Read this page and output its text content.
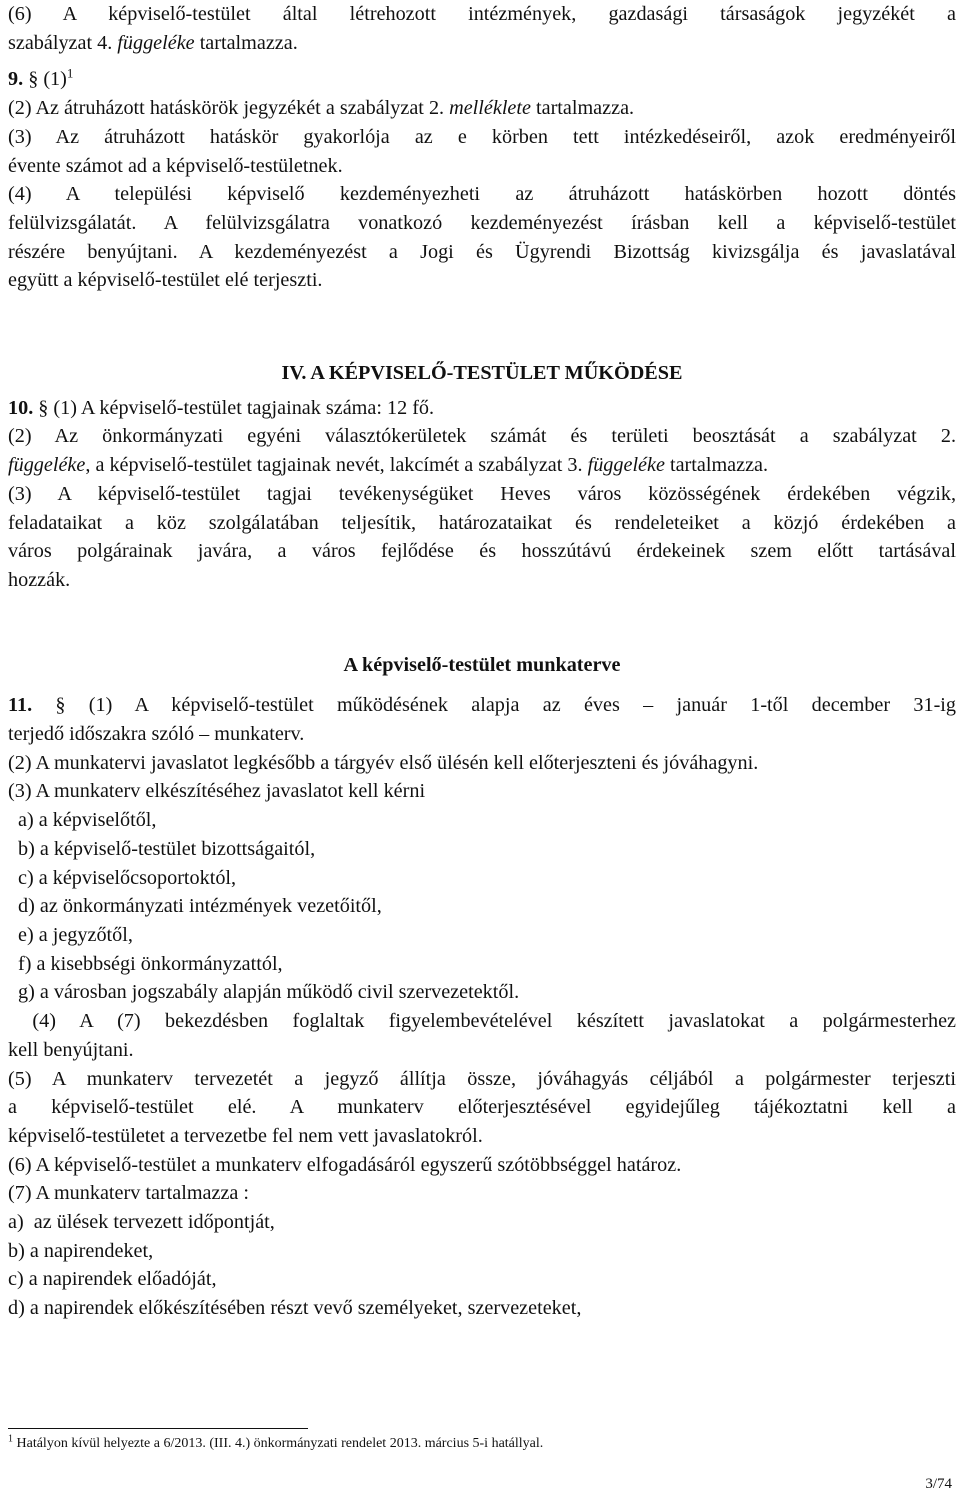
(6) A képviselő-testület által létrehozott intézmények, gazdasági társaságok jegyzékét a

szabályzat 4. függeléke tartalmazza.

9. § $(1)^1$

(2) Az átruházott hatáskörök jegyzékét a szabályzat 2. melléklete tartalmazza.

(3) Az átruházott hatáskör gyakorlója az e körben tett intézkedéseiről, azok eredményeiről

évente számot ad a képviselő-testületnek.

(4) A települési képviselő kezdeményezheti az átruházott hatáskörben hozott döntés

felülvizsgálatát. A felülvizsgálatra vonatkozó kezdeményezést írásban kell a képviselő-testület

részére benyújtani. A kezdeményezést a Jogi és Ügyrendi Bizottság kivizsgálja és javaslatával

együtt a képviselő-testület elé terjeszti.

IV. A KÉPVISELŐ-TESTÜLET MŰKÖDÉSE

10. § (1) A képviselő-testület tagjainak száma: 12 fő.

(2) Az önkormányzati egyéni választókerületek számát és területi beosztását a szabályzat 2.

függeléke, a képviselő-testület tagjainak nevét, lakcímét a szabályzat 3. függeléke tartalmazza.

(3) A képviselő-testület tagjai tevékenységüket Heves város közösségének érdekében végzik,

feladataikat a köz szolgálatában teljesítik, határozataikat és rendeleteiket a közjó érdekében a

város polgárainak javára, a város fejlődése és hosszútávú érdekeinek szem előtt tartásával

hozzák.

A képviselő-testület munkaterve

11. § (1) A képviselő-testület működésének alapja az éves – január 1-től december 31-ig

terjedő időszakra szóló – munkaterv.

(2) A munkatervi javaslatot legkésőbb a tárgyév első ülésén kell előterjeszteni és jóváhagyni.

(3) A munkaterv elkészítéséhez javaslatot kell kérni

a) a képviselőtől,

b) a képviselő-testület bizottságaitól,

c) a képviselőcsoportoktól,

d) az önkormányzati intézmények vezetőitől,

e) a jegyzőtől,

f) a kisebbségi önkormányzattól,

g) a városban jogszabály alapján működő civil szervezetektől.

(4) A (7) bekezdésben foglaltak figyelembevételével készített javaslatokat a polgármesterhez

kell benyújtani.

(5) A munkaterv tervezetét a jegyző állítja össze, jóváhagyás céljából a polgármester terjeszti

a képviselő-testület elé. A munkaterv előterjesztésével egyidejűleg tájékoztatni kell a

képviselő-testületet a tervezetbe fel nem vett javaslatokról.

(6) A képviselő-testület a munkaterv elfogadásáról egyszerű szótöbbséggel határoz.

(7) A munkaterv tartalmazza :

a)  az ülések tervezett időpontját,

b) a napirendeket,

c) a napirendek előadóját,

d) a napirendek előkészítésében részt vevő személyeket, szervezeteket,

$^1$ Hatályon kívül helyezte a 6/2013. (III. 4.) önkormányzati rendelet 2013. március 5-i hatállyal.
3/74
